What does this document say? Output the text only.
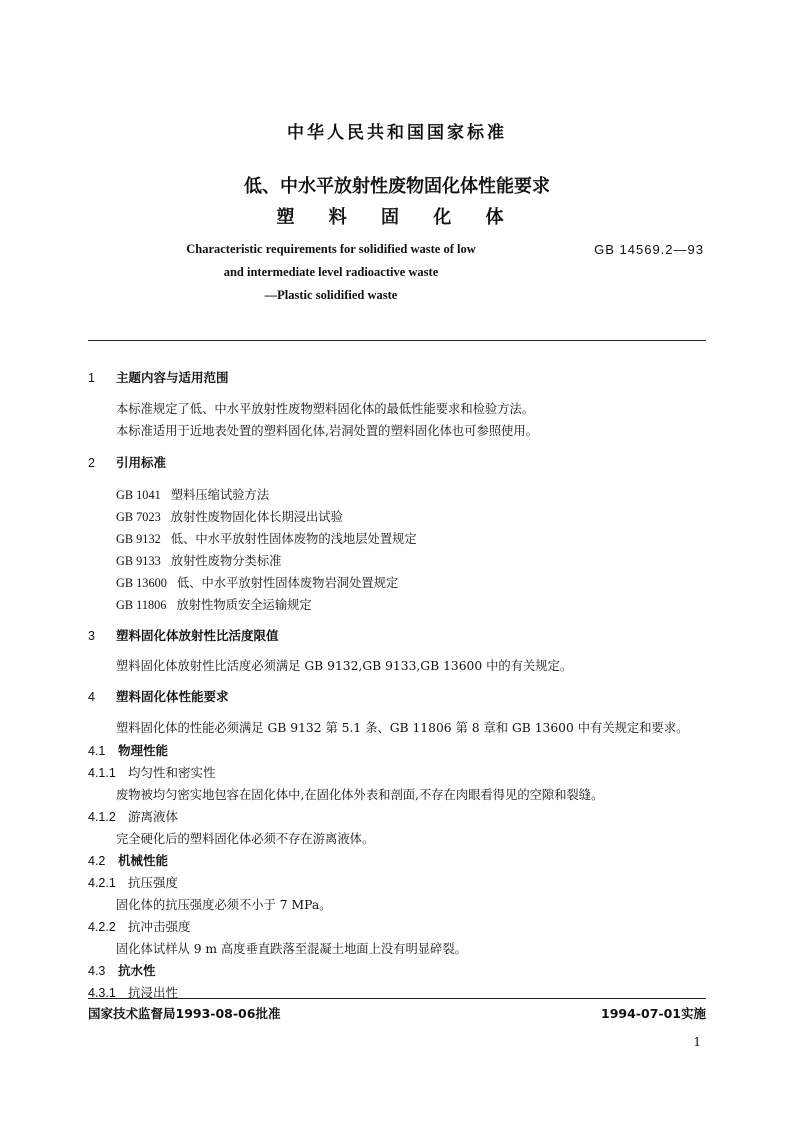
中华人民共和国国家标准
低、中水平放射性废物固化体性能要求
塑 料 固 化 体
Characteristic requirements for solidified waste of low
and intermediate level radioactive waste
—Plastic solidified waste
GB 14569.2—93
1 主题内容与适用范围
本标准规定了低、中水平放射性废物塑料固化体的最低性能要求和检验方法。
本标准适用于近地表处置的塑料固化体,岩洞处置的塑料固化体也可参照使用。
2 引用标准
GB 1041 塑料压缩试验方法
GB 7023 放射性废物固化体长期浸出试验
GB 9132 低、中水平放射性固体废物的浅地层处置规定
GB 9133 放射性废物分类标准
GB 13600 低、中水平放射性固体废物岩洞处置规定
GB 11806 放射性物质安全运输规定
3 塑料固化体放射性比活度限值
塑料固化体放射性比活度必须满足 GB 9132,GB 9133,GB 13600 中的有关规定。
4 塑料固化体性能要求
塑料固化体的性能必须满足 GB 9132 第 5.1 条、GB 11806 第 8 章和 GB 13600 中有关规定和要求。
4.1 物理性能
4.1.1 均匀性和密实性
废物被均匀密实地包容在固化体中,在固化体外表和剖面,不存在肉眼看得见的空隙和裂缝。
4.1.2 游离液体
完全硬化后的塑料固化体必须不存在游离液体。
4.2 机械性能
4.2.1 抗压强度
固化体的抗压强度必须不小于 7 MPa。
4.2.2 抗冲击强度
固化体试样从 9 m 高度垂直跌落至混凝土地面上没有明显碎裂。
4.3 抗水性
4.3.1 抗浸出性
国家技术监督局1993-08-06批准	1994-07-01实施
1
